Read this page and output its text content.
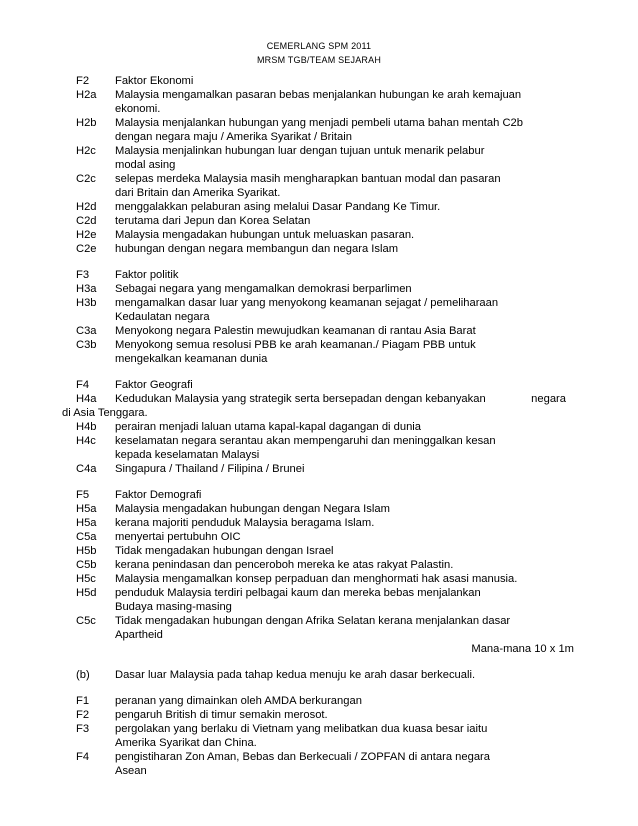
CEMERLANG SPM 2011
MRSM TGB/TEAM SEJARAH
F2	Faktor Ekonomi
H2a	Malaysia mengamalkan pasaran bebas menjalankan hubungan ke arah kemajuan
ekonomi.
H2b	Malaysia menjalankan hubungan yang menjadi pembeli utama bahan mentah C2b
dengan negara maju / Amerika Syarikat / Britain
H2c	Malaysia menjalinkan hubungan luar dengan tujuan untuk menarik pelabur
modal asing
C2c	selepas merdeka Malaysia masih mengharapkan bantuan modal dan pasaran
dari Britain dan Amerika Syarikat.
H2d	menggalakkan pelaburan asing melalui Dasar Pandang Ke Timur.
C2d	terutama dari Jepun dan Korea Selatan
H2e	Malaysia mengadakan hubungan untuk meluaskan pasaran.
C2e	hubungan dengan negara membangun dan negara Islam
F3	Faktor politik
H3a	Sebagai negara yang mengamalkan demokrasi berparlimen
H3b	mengamalkan dasar luar yang menyokong keamanan sejagat / pemeliharaan
Kedaulatan negara
C3a	Menyokong negara Palestin mewujudkan keamanan di rantau Asia Barat
C3b	Menyokong semua resolusi PBB ke arah keamanan./ Piagam PBB untuk
mengekalkan keamanan dunia
F4	Faktor Geografi
H4a	Kedudukan Malaysia yang strategik serta bersepadan dengan kebanyakan	negara
di Asia Tenggara.
H4b	perairan menjadi laluan utama kapal-kapal dagangan di dunia
H4c	keselamatan negara serantau akan mempengaruhi dan meninggalkan kesan
kepada keselamatan Malaysi
C4a	Singapura / Thailand / Filipina / Brunei
F5	Faktor Demografi
H5a	Malaysia mengadakan hubungan dengan Negara Islam
H5a	kerana majoriti penduduk Malaysia beragama Islam.
C5a	menyertai pertubuhn OIC
H5b	Tidak mengadakan hubungan dengan Israel
C5b	kerana penindasan dan penceroboh mereka ke atas rakyat Palastin.
H5c	Malaysia mengamalkan konsep perpaduan dan menghormati hak asasi manusia.
H5d	penduduk Malaysia terdiri pelbagai kaum dan mereka bebas menjalankan
Budaya masing-masing
C5c	Tidak mengadakan hubungan dengan Afrika Selatan kerana menjalankan dasar
Apartheid
Mana-mana 10 x 1m
(b)	Dasar luar Malaysia pada tahap kedua menuju ke arah dasar berkecuali.
F1	peranan yang dimainkan oleh AMDA berkurangan
F2	pengaruh British di timur semakin merosot.
F3	pergolakan yang berlaku di Vietnam yang melibatkan dua kuasa besar iaitu
Amerika Syarikat dan China.
F4	pengistiharan Zon Aman, Bebas dan Berkecuali / ZOPFAN di antara negara
Asean
